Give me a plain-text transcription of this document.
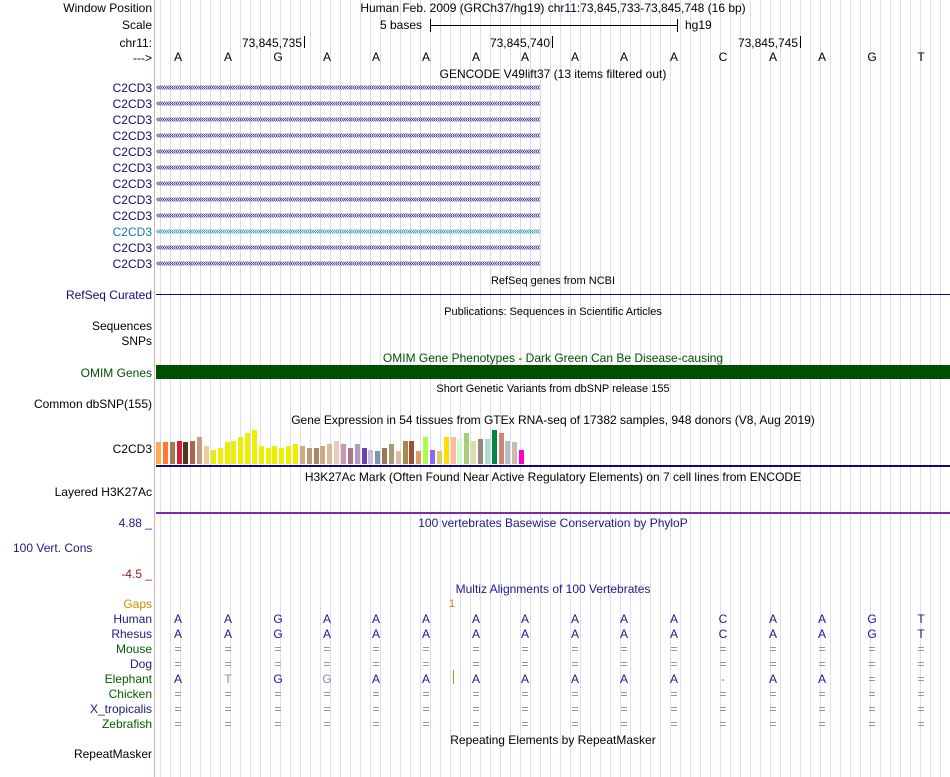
Window Position	Human Feb. 2009 (GRCh37/hg19) chr11:73,845,733-73,845,748 (16 bp)
Scale	5 bases	hg19
chr11:	73,845,735	73,845,740	73,845,745
--->	A	A	G	A	A	A	A	A	A	A	A	C	A	A	G	T
GENCODE V49lift37 (13 items filtered out)
C2CD3 ‹‹‹‹‹‹‹‹‹‹‹‹‹‹‹‹‹‹‹‹‹‹‹‹‹‹‹‹‹‹‹‹‹‹‹‹‹‹‹‹‹‹‹‹‹‹‹‹‹‹‹‹‹‹‹‹‹‹‹‹‹‹‹‹‹‹‹‹‹‹‹‹‹‹‹‹‹‹‹‹‹‹‹‹‹‹‹‹‹‹‹‹‹‹‹‹‹‹‹‹‹‹‹‹‹‹‹‹‹‹‹‹‹‹‹‹‹‹‹‹‹‹‹‹‹‹‹‹‹‹‹‹‹‹‹‹‹‹‹‹‹‹‹‹‹‹‹‹‹‹‹‹‹‹‹‹‹‹‹‹‹‹‹‹‹‹‹‹‹‹‹‹‹‹‹‹‹‹‹‹
C2CD3 ‹‹‹‹‹‹‹‹‹‹‹‹‹‹‹‹‹‹‹‹‹‹‹‹‹‹‹‹‹‹‹‹‹‹‹‹‹‹‹‹‹‹‹‹‹‹‹‹‹‹‹‹‹‹‹‹‹‹‹‹‹‹‹‹‹‹‹‹‹‹‹‹‹‹‹‹‹‹‹‹‹‹‹‹‹‹‹‹‹‹‹‹‹‹‹‹‹‹‹‹‹‹‹‹‹‹‹‹‹‹‹‹‹‹‹‹‹‹‹‹‹‹‹‹‹‹‹‹‹‹‹‹‹‹‹‹‹‹‹‹‹‹‹‹‹‹‹‹‹‹‹‹‹‹‹‹‹‹‹‹‹‹‹‹‹‹‹‹‹‹‹‹‹‹‹‹‹‹‹‹
C2CD3 ‹‹‹‹‹‹‹‹‹‹‹‹‹‹‹‹‹‹‹‹‹‹‹‹‹‹‹‹‹‹‹‹‹‹‹‹‹‹‹‹‹‹‹‹‹‹‹‹‹‹‹‹‹‹‹‹‹‹‹‹‹‹‹‹‹‹‹‹‹‹‹‹‹‹‹‹‹‹‹‹‹‹‹‹‹‹‹‹‹‹‹‹‹‹‹‹‹‹‹‹‹‹‹‹‹‹‹‹‹‹‹‹‹‹‹‹‹‹‹‹‹‹‹‹‹‹‹‹‹‹‹‹‹‹‹‹‹‹‹‹‹‹‹‹‹‹‹‹‹‹‹‹‹‹‹‹‹‹‹‹‹‹‹‹‹‹‹‹‹‹‹‹‹‹‹‹‹‹‹‹
C2CD3 ‹‹‹‹‹‹‹‹‹‹‹‹‹‹‹‹‹‹‹‹‹‹‹‹‹‹‹‹‹‹‹‹‹‹‹‹‹‹‹‹‹‹‹‹‹‹‹‹‹‹‹‹‹‹‹‹‹‹‹‹‹‹‹‹‹‹‹‹‹‹‹‹‹‹‹‹‹‹‹‹‹‹‹‹‹‹‹‹‹‹‹‹‹‹‹‹‹‹‹‹‹‹‹‹‹‹‹‹‹‹‹‹‹‹‹‹‹‹‹‹‹‹‹‹‹‹‹‹‹‹‹‹‹‹‹‹‹‹‹‹‹‹‹‹‹‹‹‹‹‹‹‹‹‹‹‹‹‹‹‹‹‹‹‹‹‹‹‹‹‹‹‹‹‹‹‹‹‹‹‹
C2CD3 ‹‹‹‹‹‹‹‹‹‹‹‹‹‹‹‹‹‹‹‹‹‹‹‹‹‹‹‹‹‹‹‹‹‹‹‹‹‹‹‹‹‹‹‹‹‹‹‹‹‹‹‹‹‹‹‹‹‹‹‹‹‹‹‹‹‹‹‹‹‹‹‹‹‹‹‹‹‹‹‹‹‹‹‹‹‹‹‹‹‹‹‹‹‹‹‹‹‹‹‹‹‹‹‹‹‹‹‹‹‹‹‹‹‹‹‹‹‹‹‹‹‹‹‹‹‹‹‹‹‹‹‹‹‹‹‹‹‹‹‹‹‹‹‹‹‹‹‹‹‹‹‹‹‹‹‹‹‹‹‹‹‹‹‹‹‹‹‹‹‹‹‹‹‹‹‹‹‹‹‹
C2CD3 ‹‹‹‹‹‹‹‹‹‹‹‹‹‹‹‹‹‹‹‹‹‹‹‹‹‹‹‹‹‹‹‹‹‹‹‹‹‹‹‹‹‹‹‹‹‹‹‹‹‹‹‹‹‹‹‹‹‹‹‹‹‹‹‹‹‹‹‹‹‹‹‹‹‹‹‹‹‹‹‹‹‹‹‹‹‹‹‹‹‹‹‹‹‹‹‹‹‹‹‹‹‹‹‹‹‹‹‹‹‹‹‹‹‹‹‹‹‹‹‹‹‹‹‹‹‹‹‹‹‹‹‹‹‹‹‹‹‹‹‹‹‹‹‹‹‹‹‹‹‹‹‹‹‹‹‹‹‹‹‹‹‹‹‹‹‹‹‹‹‹‹‹‹‹‹‹‹‹‹‹
C2CD3 ‹‹‹‹‹‹‹‹‹‹‹‹‹‹‹‹‹‹‹‹‹‹‹‹‹‹‹‹‹‹‹‹‹‹‹‹‹‹‹‹‹‹‹‹‹‹‹‹‹‹‹‹‹‹‹‹‹‹‹‹‹‹‹‹‹‹‹‹‹‹‹‹‹‹‹‹‹‹‹‹‹‹‹‹‹‹‹‹‹‹‹‹‹‹‹‹‹‹‹‹‹‹‹‹‹‹‹‹‹‹‹‹‹‹‹‹‹‹‹‹‹‹‹‹‹‹‹‹‹‹‹‹‹‹‹‹‹‹‹‹‹‹‹‹‹‹‹‹‹‹‹‹‹‹‹‹‹‹‹‹‹‹‹‹‹‹‹‹‹‹‹‹‹‹‹‹‹‹‹‹
C2CD3 ‹‹‹‹‹‹‹‹‹‹‹‹‹‹‹‹‹‹‹‹‹‹‹‹‹‹‹‹‹‹‹‹‹‹‹‹‹‹‹‹‹‹‹‹‹‹‹‹‹‹‹‹‹‹‹‹‹‹‹‹‹‹‹‹‹‹‹‹‹‹‹‹‹‹‹‹‹‹‹‹‹‹‹‹‹‹‹‹‹‹‹‹‹‹‹‹‹‹‹‹‹‹‹‹‹‹‹‹‹‹‹‹‹‹‹‹‹‹‹‹‹‹‹‹‹‹‹‹‹‹‹‹‹‹‹‹‹‹‹‹‹‹‹‹‹‹‹‹‹‹‹‹‹‹‹‹‹‹‹‹‹‹‹‹‹‹‹‹‹‹‹‹‹‹‹‹‹‹‹‹
C2CD3 ‹‹‹‹‹‹‹‹‹‹‹‹‹‹‹‹‹‹‹‹‹‹‹‹‹‹‹‹‹‹‹‹‹‹‹‹‹‹‹‹‹‹‹‹‹‹‹‹‹‹‹‹‹‹‹‹‹‹‹‹‹‹‹‹‹‹‹‹‹‹‹‹‹‹‹‹‹‹‹‹‹‹‹‹‹‹‹‹‹‹‹‹‹‹‹‹‹‹‹‹‹‹‹‹‹‹‹‹‹‹‹‹‹‹‹‹‹‹‹‹‹‹‹‹‹‹‹‹‹‹‹‹‹‹‹‹‹‹‹‹‹‹‹‹‹‹‹‹‹‹‹‹‹‹‹‹‹‹‹‹‹‹‹‹‹‹‹‹‹‹‹‹‹‹‹‹‹‹‹‹
C2CD3 ‹‹‹‹‹‹‹‹‹‹‹‹‹‹‹‹‹‹‹‹‹‹‹‹‹‹‹‹‹‹‹‹‹‹‹‹‹‹‹‹‹‹‹‹‹‹‹‹‹‹‹‹‹‹‹‹‹‹‹‹‹‹‹‹‹‹‹‹‹‹‹‹‹‹‹‹‹‹‹‹‹‹‹‹‹‹‹‹‹‹‹‹‹‹‹‹‹‹‹‹‹‹‹‹‹‹‹‹‹‹‹‹‹‹‹‹‹‹‹‹‹‹‹‹‹‹‹‹‹‹‹‹‹‹‹‹‹‹‹‹‹‹‹‹‹‹‹‹‹‹‹‹‹‹‹‹‹‹‹‹‹‹‹‹‹‹‹‹‹‹‹‹‹‹‹‹‹‹‹‹
C2CD3 ‹‹‹‹‹‹‹‹‹‹‹‹‹‹‹‹‹‹‹‹‹‹‹‹‹‹‹‹‹‹‹‹‹‹‹‹‹‹‹‹‹‹‹‹‹‹‹‹‹‹‹‹‹‹‹‹‹‹‹‹‹‹‹‹‹‹‹‹‹‹‹‹‹‹‹‹‹‹‹‹‹‹‹‹‹‹‹‹‹‹‹‹‹‹‹‹‹‹‹‹‹‹‹‹‹‹‹‹‹‹‹‹‹‹‹‹‹‹‹‹‹‹‹‹‹‹‹‹‹‹‹‹‹‹‹‹‹‹‹‹‹‹‹‹‹‹‹‹‹‹‹‹‹‹‹‹‹‹‹‹‹‹‹‹‹‹‹‹‹‹‹‹‹‹‹‹‹‹‹‹
C2CD3 ‹‹‹‹‹‹‹‹‹‹‹‹‹‹‹‹‹‹‹‹‹‹‹‹‹‹‹‹‹‹‹‹‹‹‹‹‹‹‹‹‹‹‹‹‹‹‹‹‹‹‹‹‹‹‹‹‹‹‹‹‹‹‹‹‹‹‹‹‹‹‹‹‹‹‹‹‹‹‹‹‹‹‹‹‹‹‹‹‹‹‹‹‹‹‹‹‹‹‹‹‹‹‹‹‹‹‹‹‹‹‹‹‹‹‹‹‹‹‹‹‹‹‹‹‹‹‹‹‹‹‹‹‹‹‹‹‹‹‹‹‹‹‹‹‹‹‹‹‹‹‹‹‹‹‹‹‹‹‹‹‹‹‹‹‹‹‹‹‹‹‹‹‹‹‹‹‹‹‹‹
RefSeq genes from NCBI
RefSeq Curated
Publications: Sequences in Scientific Articles
Sequences
SNPs
OMIM Gene Phenotypes - Dark Green Can Be Disease-causing
OMIM Genes
Short Genetic Variants from dbSNP release 155
Common dbSNP(155)
Gene Expression in 54 tissues from GTEx RNA-seq of 17382 samples, 948 donors (V8, Aug 2019)
C2CD3
H3K27Ac Mark (Often Found Near Active Regulatory Elements) on 7 cell lines from ENCODE
Layered H3K27Ac
100 vertebrates Basewise Conservation by PhyloP
4.88 _
100 Vert. Cons
-4.5 _
Multiz Alignments of 100 Vertebrates
Gaps	1
Human	A	A	G	A	A	A	A	A	A	A	A	C	A	A	G	T
Rhesus	A	A	G	A	A	A	A	A	A	A	A	C	A	A	G	T
Mouse	=	=	=	=	=	=	=	=	=	=	=	=	=	=	=	=
Dog	=	=	=	=	=	=	=	=	=	=	=	=	=	=	=	=
Elephant	A	T	G	G	A	A	A	A	A	A	A	-	A	A	=	=
Chicken	=	=	=	=	=	=	=	=	=	=	=	=	=	=	=	=
X_tropicalis	=	=	=	=	=	=	=	=	=	=	=	=	=	=	=	=
Zebrafish	=	=	=	=	=	=	=	=	=	=	=	=	=	=	=	=
Repeating Elements by RepeatMasker
RepeatMasker
